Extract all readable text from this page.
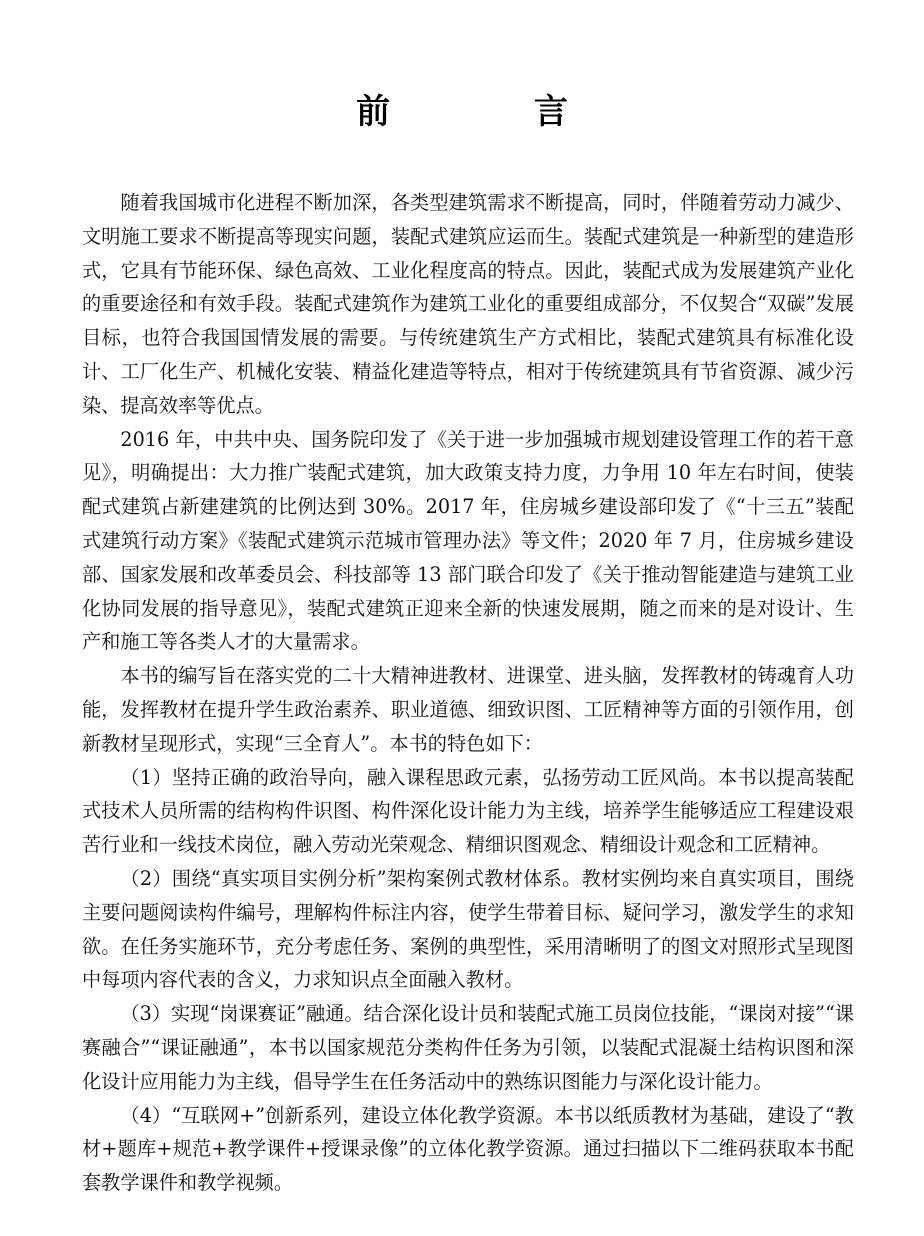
前 言

随着我国城市化进程不断加深，各类型建筑需求不断提高，同时，伴随着劳动力减少、文明施工要求不断提高等现实问题，装配式建筑应运而生。装配式建筑是一种新型的建造形式，它具有节能环保、绿色高效、工业化程度高的特点。因此，装配式成为发展建筑产业化的重要途径和有效手段。装配式建筑作为建筑工业化的重要组成部分，不仅契合“双碳”发展目标，也符合我国国情发展的需要。与传统建筑生产方式相比，装配式建筑具有标准化设计、工厂化生产、机械化安装、精益化建造等特点，相对于传统建筑具有节省资源、减少污染、提高效率等优点。

2016 年，中共中央、国务院印发了《关于进一步加强城市规划建设管理工作的若干意见》，明确提出：大力推广装配式建筑，加大政策支持力度，力争用 10 年左右时间，使装配式建筑占新建建筑的比例达到 30%。2017 年，住房城乡建设部印发了《“十三五”装配式建筑行动方案》《装配式建筑示范城市管理办法》等文件；2020 年 7 月，住房城乡建设部、国家发展和改革委员会、科技部等 13 部门联合印发了《关于推动智能建造与建筑工业化协同发展的指导意见》，装配式建筑正迎来全新的快速发展期，随之而来的是对设计、生产和施工等各类人才的大量需求。

本书的编写旨在落实党的二十大精神进教材、进课堂、进头脑，发挥教材的铸魂育人功能，发挥教材在提升学生政治素养、职业道德、细致识图、工匠精神等方面的引领作用，创新教材呈现形式，实现“三全育人”。本书的特色如下：

（1）坚持正确的政治导向，融入课程思政元素，弘扬劳动工匠风尚。本书以提高装配式技术人员所需的结构构件识图、构件深化设计能力为主线，培养学生能够适应工程建设艰苦行业和一线技术岗位，融入劳动光荣观念、精细识图观念、精细设计观念和工匠精神。

（2）围绕“真实项目实例分析”架构案例式教材体系。教材实例均来自真实项目，围绕主要问题阅读构件编号，理解构件标注内容，使学生带着目标、疑问学习，激发学生的求知欲。在任务实施环节，充分考虑任务、案例的典型性，采用清晰明了的图文对照形式呈现图中每项内容代表的含义，力求知识点全面融入教材。

（3）实现“岗课赛证”融通。结合深化设计员和装配式施工员岗位技能，“课岗对接”“课赛融合”“课证融通”，本书以国家规范分类构件任务为引领，以装配式混凝土结构识图和深化设计应用能力为主线，倡导学生在任务活动中的熟练识图能力与深化设计能力。

（4）“互联网+”创新系列，建设立体化教学资源。本书以纸质教材为基础，建设了“教材+题库+规范+教学课件+授课录像”的立体化教学资源。通过扫描以下二维码获取本书配套教学课件和教学视频。
